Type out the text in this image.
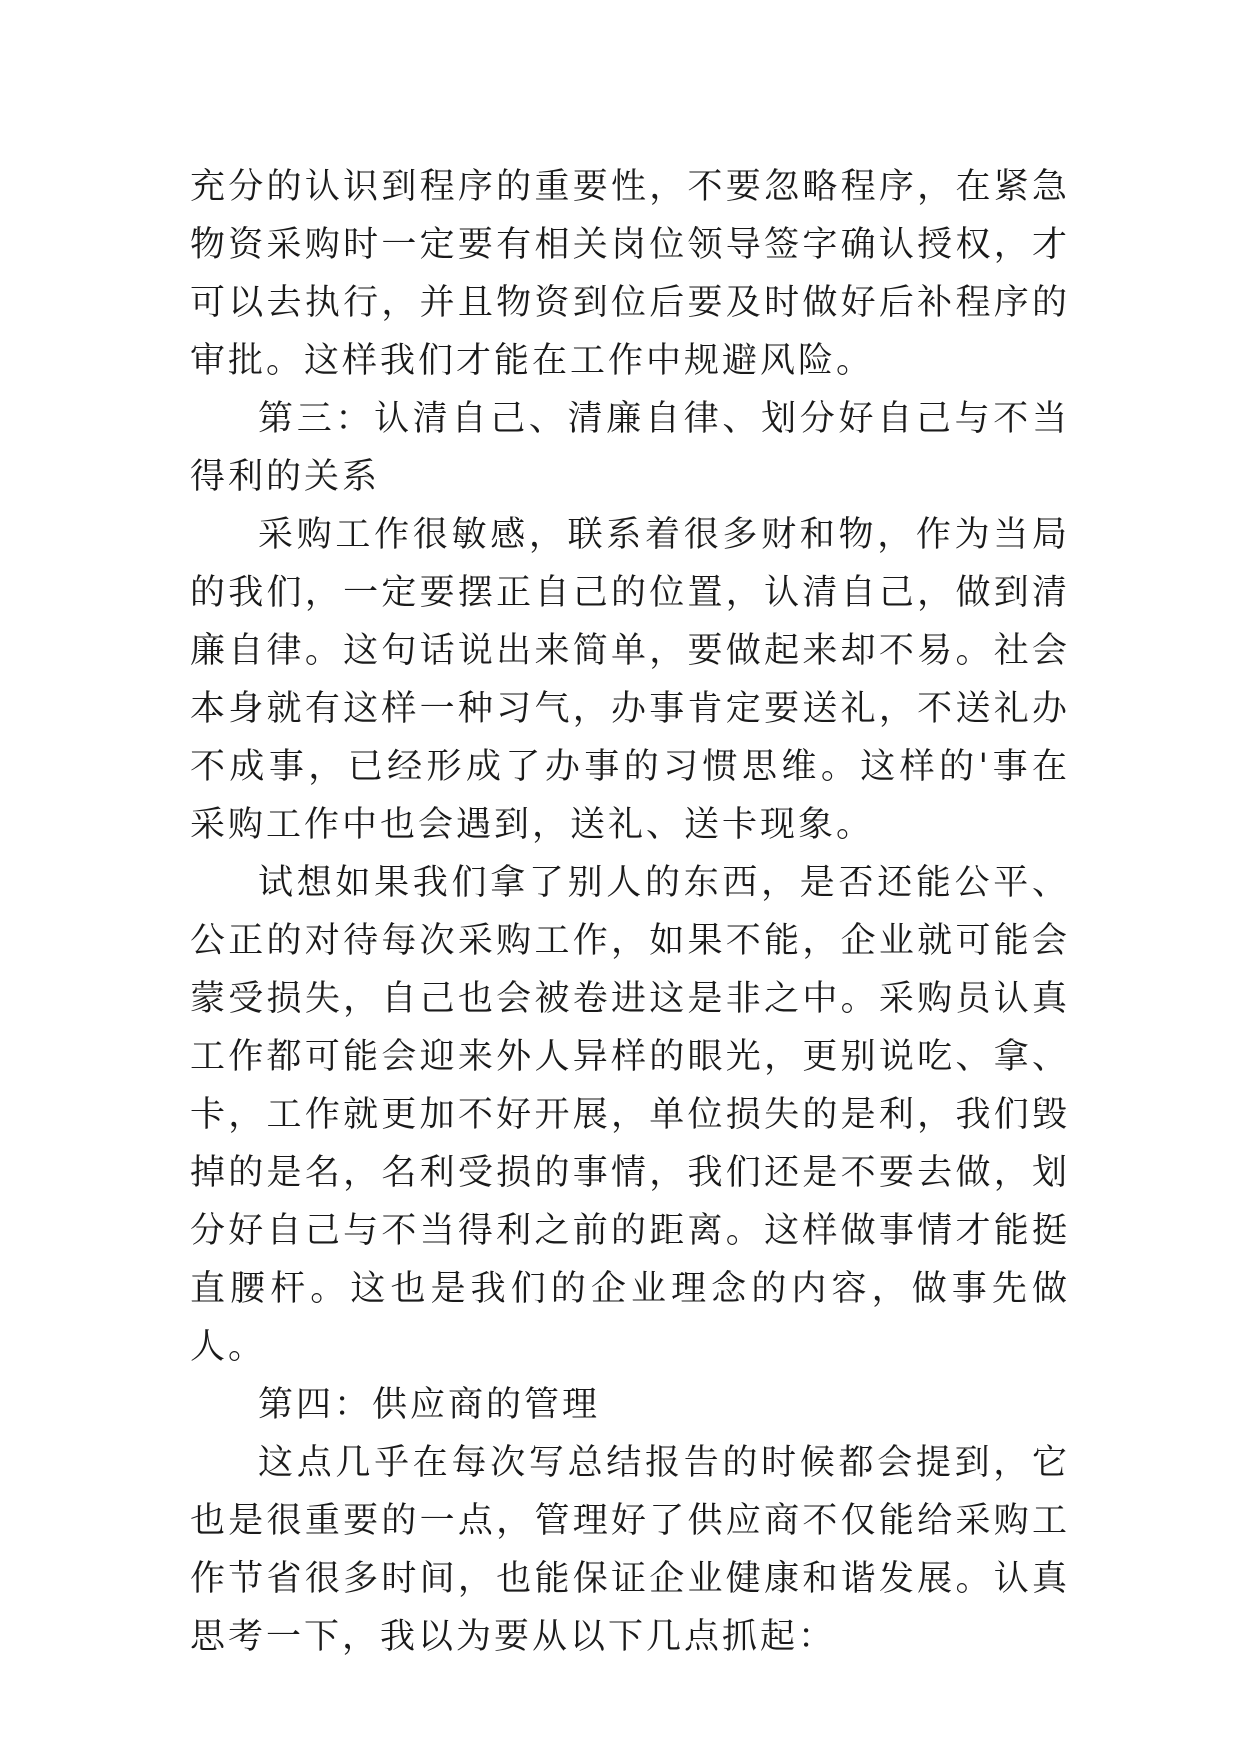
充分的认识到程序的重要性，不要忽略程序，在紧急物资采购时一定要有相关岗位领导签字确认授权，才可以去执行，并且物资到位后要及时做好后补程序的审批。这样我们才能在工作中规避风险。

第三：认清自己、清廉自律、划分好自己与不当得利的关系

采购工作很敏感，联系着很多财和物，作为当局的我们，一定要摆正自己的位置，认清自己，做到清廉自律。这句话说出来简单，要做起来却不易。社会本身就有这样一种习气，办事肯定要送礼，不送礼办不成事，已经形成了办事的习惯思维。这样的'事在采购工作中也会遇到，送礼、送卡现象。

试想如果我们拿了别人的东西，是否还能公平、公正的对待每次采购工作，如果不能，企业就可能会蒙受损失，自己也会被卷进这是非之中。采购员认真工作都可能会迎来外人异样的眼光，更别说吃、拿、卡，工作就更加不好开展，单位损失的是利，我们毁掉的是名，名利受损的事情，我们还是不要去做，划分好自己与不当得利之前的距离。这样做事情才能挺直腰杆。这也是我们的企业理念的内容，做事先做人。

第四：供应商的管理

这点几乎在每次写总结报告的时候都会提到，它也是很重要的一点，管理好了供应商不仅能给采购工作节省很多时间，也能保证企业健康和谐发展。认真思考一下，我以为要从以下几点抓起：
